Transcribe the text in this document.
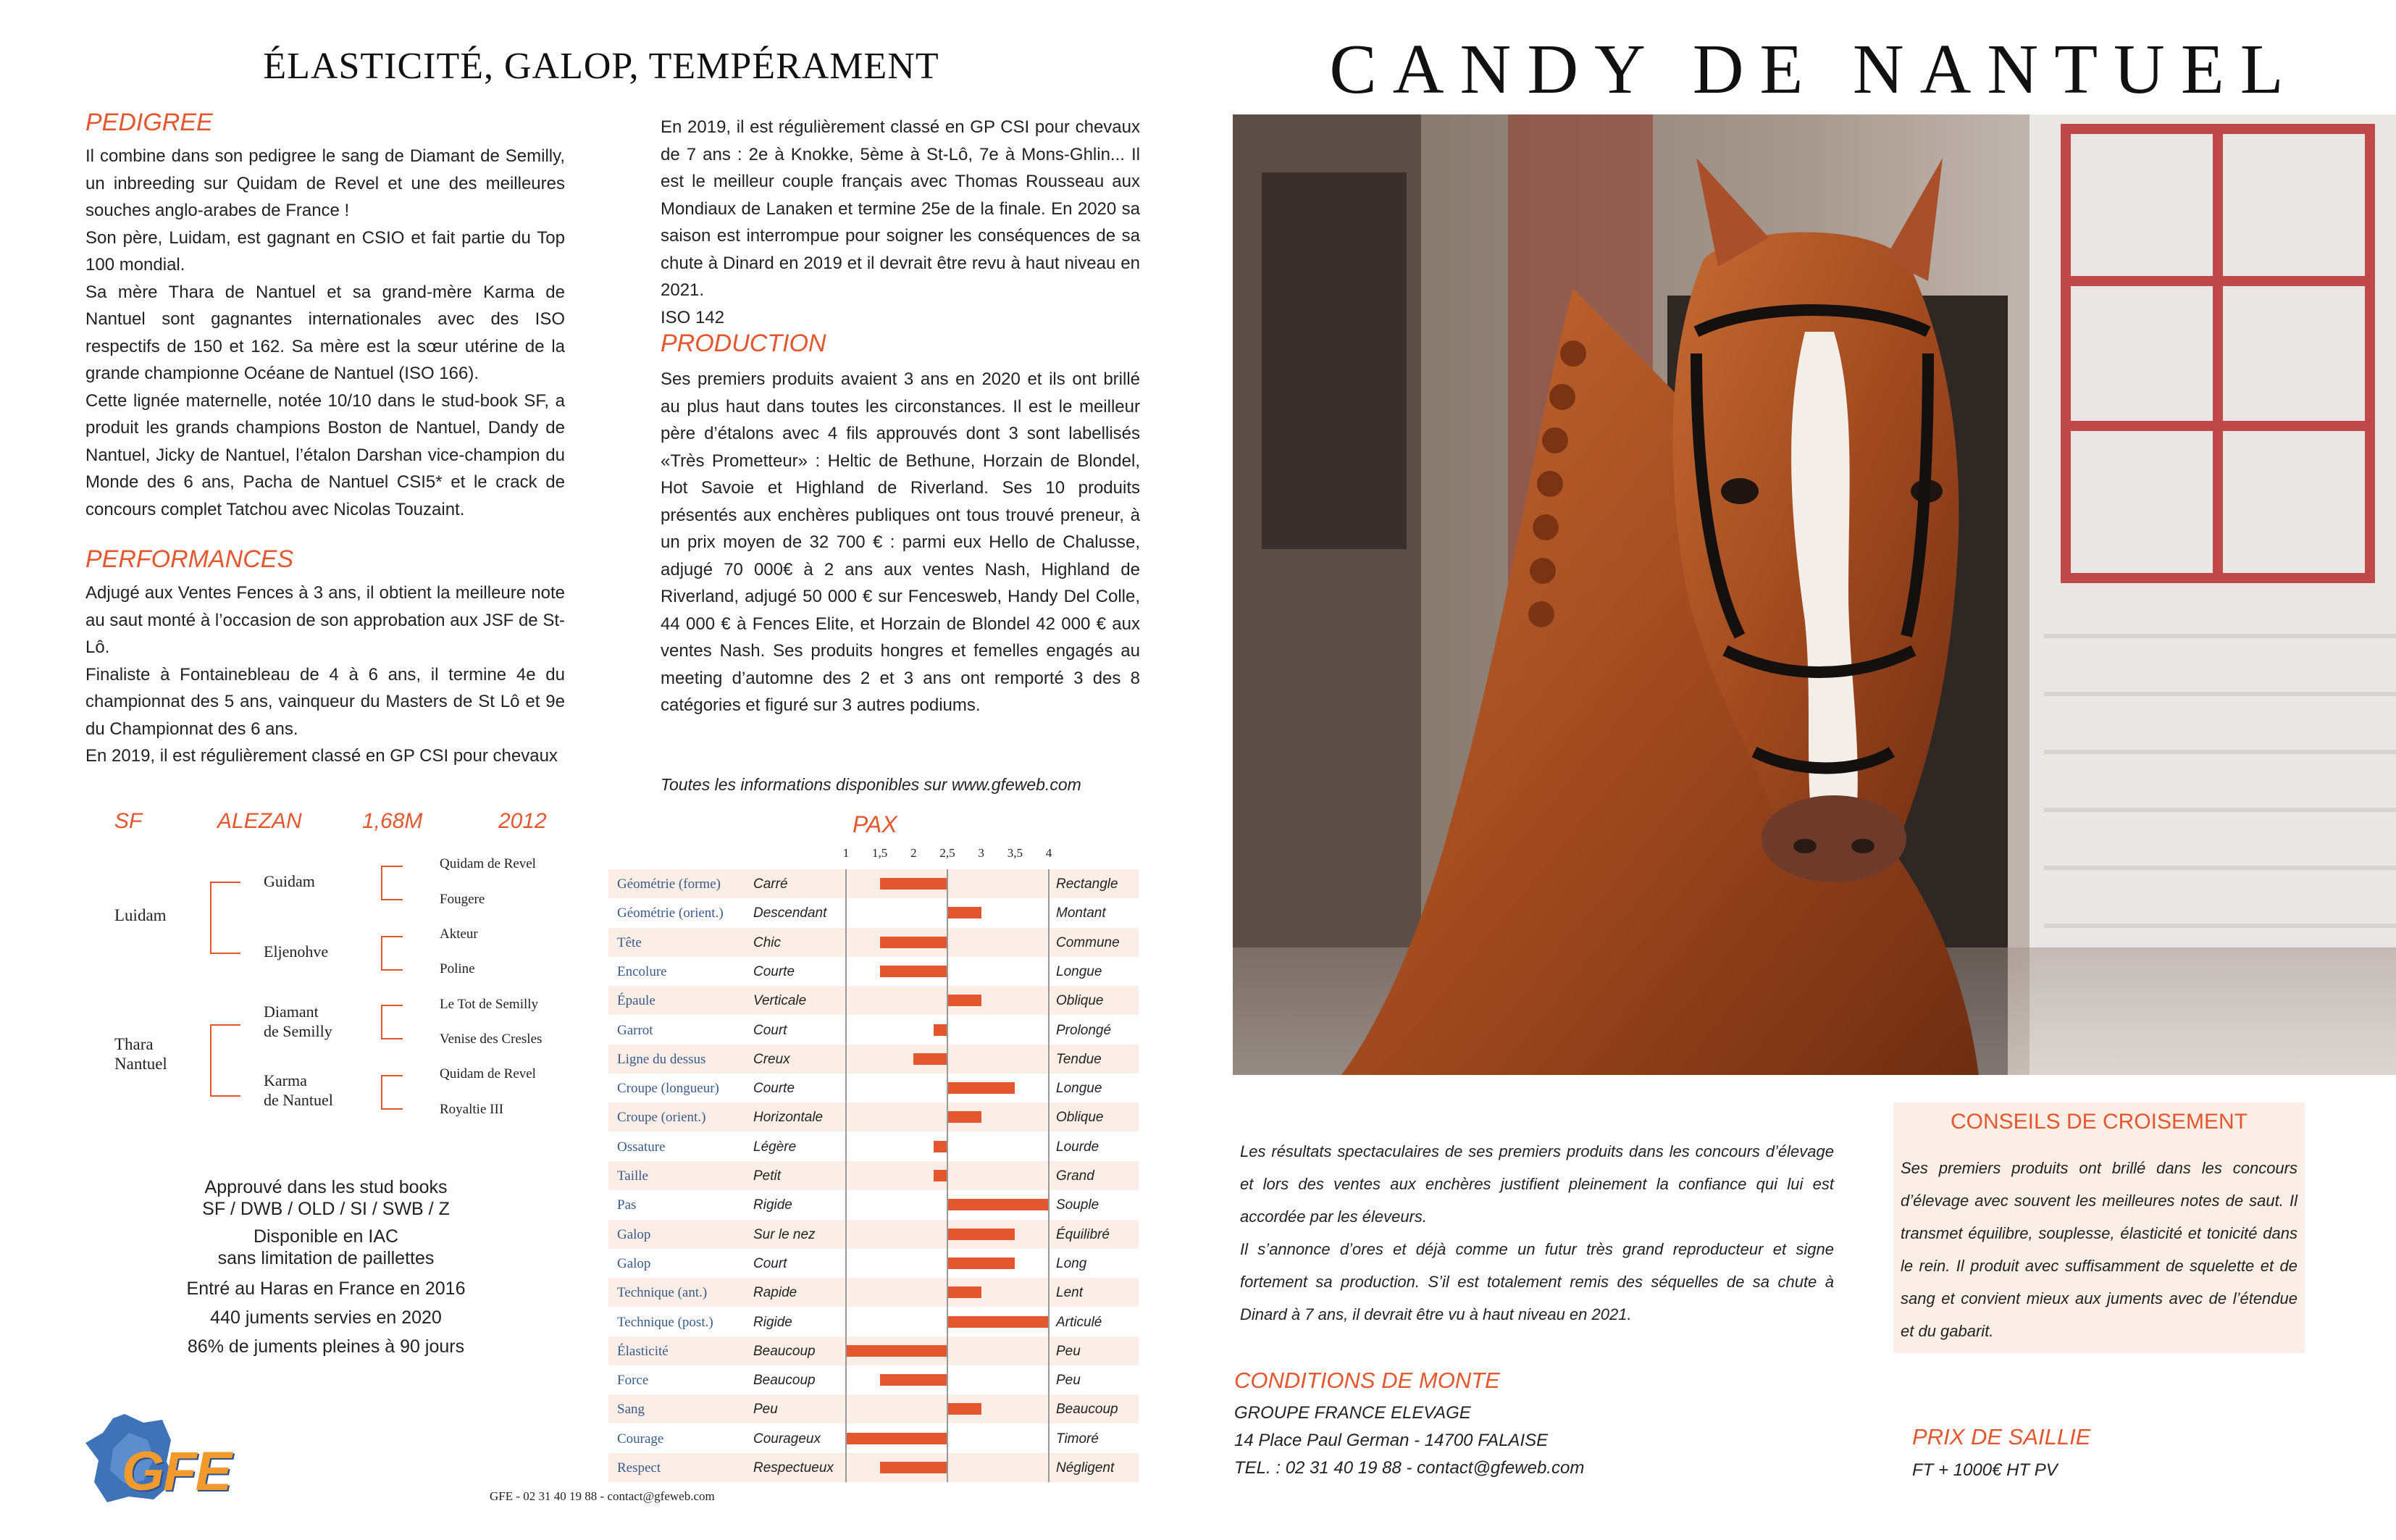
ÉLASTICITÉ, GALOP, TEMPÉRAMENT	CANDY DE NANTUEL
PEDIGREE

Il combine dans son pedigree le sang de Diamant de Semilly, un inbreeding sur Quidam de Revel et une des meilleures souches anglo-arabes de France !

Son père, Luidam, est gagnant en CSIO et fait partie du Top 100 mondial.

Sa mère Thara de Nantuel et sa grand-mère Karma de Nantuel sont gagnantes internationales avec des ISO respectifs de 150 et 162. Sa mère est la sœur utérine de la grande championne Océane de Nantuel (ISO 166).

Cette lignée maternelle, notée 10/10 dans le stud-book SF, a produit les grands champions Boston de Nantuel, Dandy de Nantuel, Jicky de Nantuel, l’étalon Darshan vice-champion du Monde des 6 ans, Pacha de Nantuel CSI5* et le crack de concours complet Tatchou avec Nicolas Touzaint.

PERFORMANCES

Adjugé aux Ventes Fences à 3 ans, il obtient la meilleure note au saut monté à l’occasion de son approbation aux JSF de St-Lô.

Finaliste à Fontainebleau de 4 à 6 ans, il termine 4e du championnat des 5 ans, vainqueur du Masters de St Lô et 9e du Championnat des 6 ans.

En 2019, il est régulièrement classé en GP CSI pour chevaux

En 2019, il est régulièrement classé en GP CSI pour chevaux de 7 ans : 2e à Knokke, 5ème à St-Lô, 7e à Mons-Ghlin... Il est le meilleur couple français avec Thomas Rousseau aux Mondiaux de Lanaken et termine 25e de la finale. En 2020 sa saison est interrompue pour soigner les conséquences de sa chute à Dinard en 2019 et il devrait être revu à haut niveau en 2021.

ISO 142

PRODUCTION
Ses premiers produits avaient 3 ans en 2020 et ils ont brillé au plus haut dans toutes les circonstances. Il est le meilleur père d’étalons avec 4 fils approuvés dont 3 sont labellisés «Très Prometteur» : Heltic de Bethune, Horzain de Blondel, Hot Savoie et Highland de Riverland. Ses 10 produits présentés aux enchères publiques ont tous trouvé preneur, à un prix moyen de 32 700 € : parmi eux Hello de Chalusse, adjugé 70 000€ à 2 ans aux ventes Nash, Highland de Riverland, adjugé 50 000 € sur Fencesweb, Handy Del Colle, 44 000 € à Fences Elite, et Horzain de Blondel 42 000 € aux ventes Nash. Ses produits hongres et femelles engagés au meeting d’automne des 2 et 3 ans ont remporté 3 des 8 catégories et figuré sur 3 autres podiums.
Toutes les informations disponibles sur www.gfeweb.com
SF	ALEZAN	1,68M	2012
Luidam
Thara
Nantuel
Guidam
Eljenohve
Diamant
de Semilly
Karma
de Nantuel
Quidam de Revel
Fougere
Akteur
Poline
Le Tot de Semilly
Venise des Cresles
Quidam de Revel
Royaltie III
Approuvé dans les stud books
SF / DWB / OLD / SI / SWB / Z
Disponible en IAC
sans limitation de paillettes
Entré au Haras en France en 2016
440 juments servies en 2020
86% de juments pleines à 90 jours
GFE	GFE - 02 31 40 19 88 - contact@gfeweb.com
PAX
1 1,5 2 2,5 3 3,5 4
Géométrie (forme) Carré	Rectangle
Géométrie (orient.) Descendant	Montant
Tête	Chic	Commune
Encolure	Courte	Longue
Épaule	Verticale	Oblique
Garrot	Court	Prolongé
Ligne du dessus	Creux	Tendue
Croupe (longueur) Courte	Longue
Croupe (orient.)	Horizontale	Oblique
Ossature	Légère	Lourde
Taille	Petit	Grand
Pas	Rigide	Souple
Galop	Sur le nez	Équilibré
Galop	Court	Long
Technique (ant.)	Rapide	Lent
Technique (post.)	Rigide	Articulé
Élasticité	Beaucoup	Peu
Force	Beaucoup	Peu
Sang	Peu	Beaucoup
Courage	Courageux	Timoré
Respect	Respectueux	Négligent

Les résultats spectaculaires de ses premiers produits dans les concours d’élevage et lors des ventes aux enchères justifient pleinement la confiance qui lui est accordée par les éleveurs.

Il s’annonce d’ores et déjà comme un futur très grand reproducteur et signe fortement sa production. S’il est totalement remis des séquelles de sa chute à Dinard à 7 ans, il devrait être vu à haut niveau en 2021.

CONDITIONS DE MONTE
GROUPE FRANCE ELEVAGE
14 Place Paul German - 14700 FALAISE
TEL. : 02 31 40 19 88 - contact@gfeweb.com
CONSEILS DE CROISEMENT
Ses premiers produits ont brillé dans les concours d’élevage avec souvent les meilleures notes de saut. Il transmet équilibre, souplesse, élasticité et tonicité dans le rein. Il produit avec suffisamment de squelette et de sang et convient mieux aux juments avec de l’étendue et du gabarit.
PRIX DE SAILLIE
FT + 1000€ HT PV
